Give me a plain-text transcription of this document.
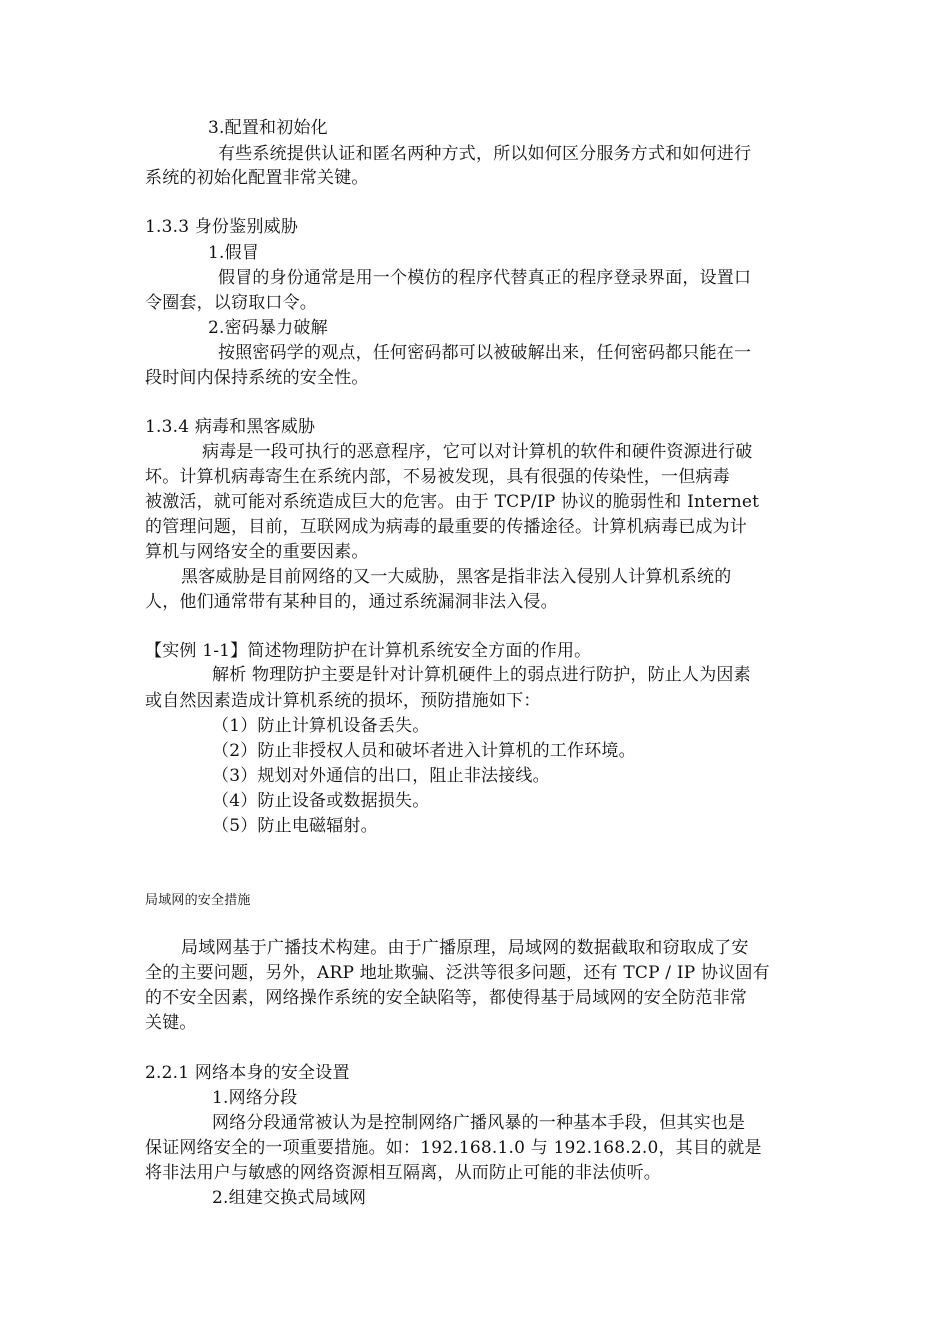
3.配置和初始化

有些系统提供认证和匿名两种方式，所以如何区分服务方式和如何进行

系统的初始化配置非常关键。

1.3.3 身份鉴别威胁

1.假冒

假冒的身份通常是用一个模仿的程序代替真正的程序登录界面，设置口

令圈套，以窃取口令。

2.密码暴力破解

按照密码学的观点，任何密码都可以被破解出来，任何密码都只能在一

段时间内保持系统的安全性。

1.3.4 病毒和黑客威胁

病毒是一段可执行的恶意程序，它可以对计算机的软件和硬件资源进行破

坏。计算机病毒寄生在系统内部，不易被发现，具有很强的传染性，一但病毒

被激活，就可能对系统造成巨大的危害。由于 TCP/IP 协议的脆弱性和 Internet

的管理问题，目前，互联网成为病毒的最重要的传播途径。计算机病毒已成为计

算机与网络安全的重要因素。

黑客威胁是目前网络的又一大威胁，黑客是指非法入侵别人计算机系统的

人，他们通常带有某种目的，通过系统漏洞非法入侵。

【实例 1-1】简述物理防护在计算机系统安全方面的作用。

解析 物理防护主要是针对计算机硬件上的弱点进行防护，防止人为因素

或自然因素造成计算机系统的损坏，预防措施如下：

（1）防止计算机设备丢失。

（2）防止非授权人员和破坏者进入计算机的工作环境。

（3）规划对外通信的出口，阻止非法接线。

（4）防止设备或数据损失。

（5）防止电磁辐射。

局域网的安全措施

局域网基于广播技术构建。由于广播原理，局域网的数据截取和窃取成了安

全的主要问题，另外，ARP 地址欺骗、泛洪等很多问题，还有 TCP / IP 协议固有

的不安全因素，网络操作系统的安全缺陷等，都使得基于局域网的安全防范非常

关键。

2.2.1 网络本身的安全设置

1.网络分段

网络分段通常被认为是控制网络广播风暴的一种基本手段，但其实也是

保证网络安全的一项重要措施。如：192.168.1.0 与 192.168.2.0，其目的就是

将非法用户与敏感的网络资源相互隔离，从而防止可能的非法侦听。

2.组建交换式局域网
